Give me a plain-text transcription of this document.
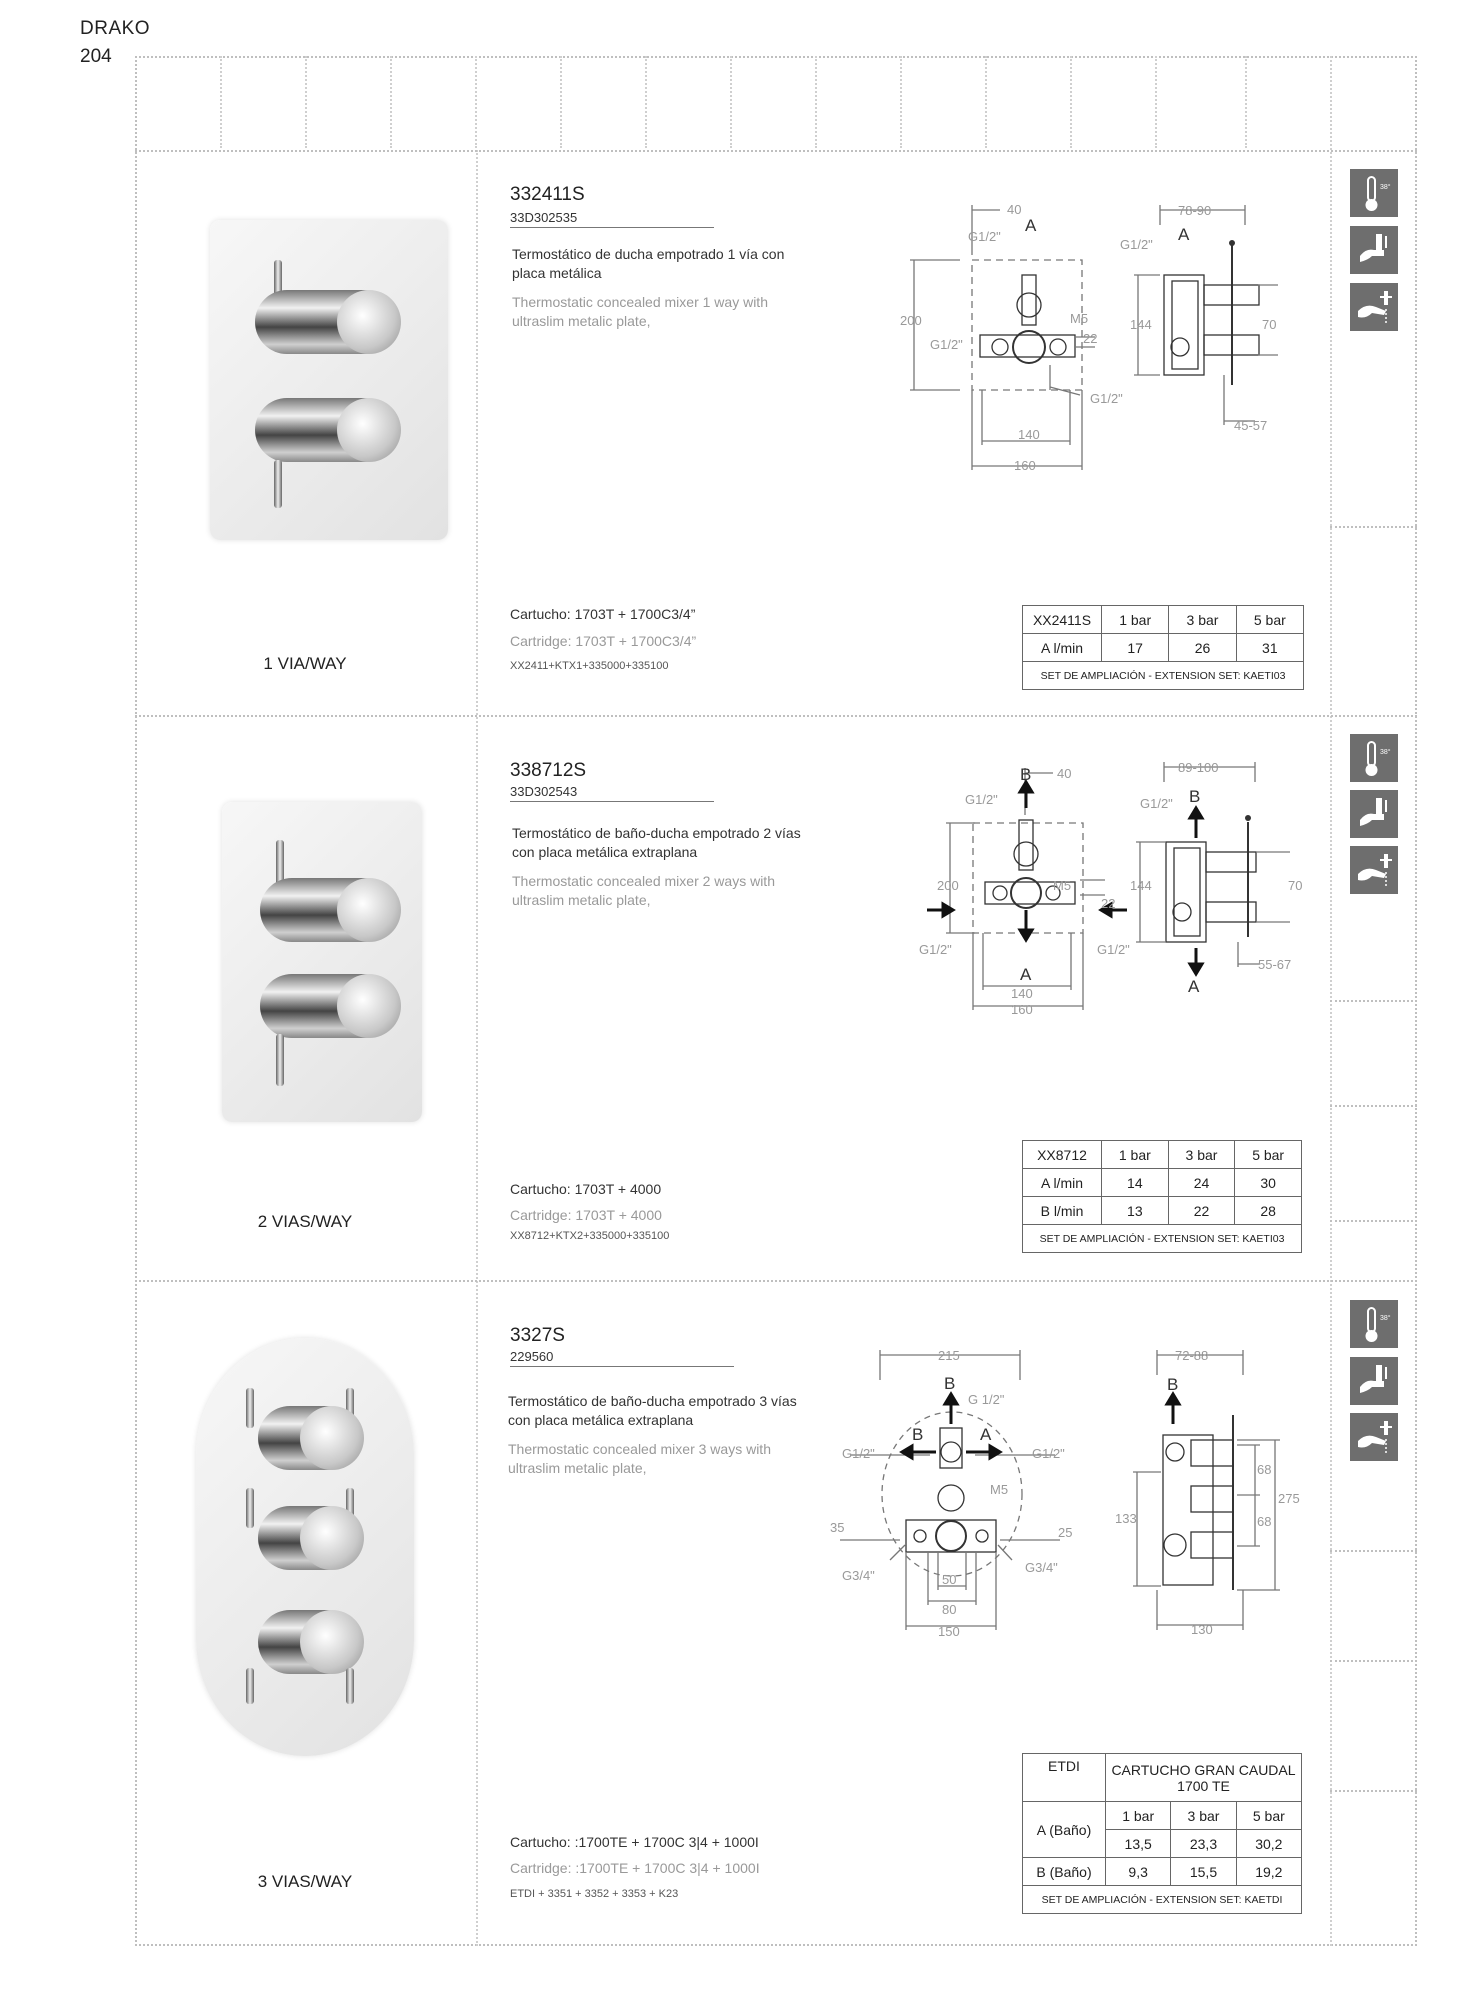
DRAKO
204
1 VIA/WAY
332411S
33D302535
Termostático de ducha empotrado 1 vía con placa metálica
Thermostatic concealed mixer 1 way with ultraslim metalic plate,
Cartucho: 1703T + 1700C3/4”
Cartridge: 1703T + 1700C3/4”
XX2411+KTX1+335000+335100
40
G1/2"
A
200	M5
G1/2"	22
G1/2"
140
160
78-90
G1/2"
A
144	70
45-57
XX2411S	1 bar	3 bar	5 bar
A l/min	17	26	31
SET DE AMPLIACIÓN - EXTENSION SET: KAETI03			
38°
2 VIAS/WAY
338712S
33D302543
Termostático de baño-ducha empotrado 2 vías con placa metálica extraplana
Thermostatic concealed mixer 2 ways with ultraslim metalic plate,
Cartucho: 1703T + 4000
Cartridge: 1703T + 4000
XX8712+KTX2+335000+335100
40
B
G1/2"
200	M5
22
G1/2"	G1/2"
A
140
160
89-100
B
G1/2"
144	70
55-67
A
XX8712	1 bar	3 bar	5 bar
A l/min	14	24	30
B l/min	13	22	28
SET DE AMPLIACIÓN - EXTENSION SET: KAETI03			
38°
3 VIAS/WAY
3327S
229560
Termostático de baño-ducha empotrado 3 vías con placa metálica extraplana
Thermostatic concealed mixer 3 ways with ultraslim metalic plate,
Cartucho: :1700TE + 1700C 3|4 + 1000I
Cartridge: :1700TE + 1700C 3|4 + 1000I
ETDI + 3351 + 3352 + 3353 + K23
215
B
G 1/2"
B	A
G1/2"	G1/2"
M5
35	25
G3/4"
G3/4"
50
80
150
72-88
B
68
275
133	68
130
ETDI	CARTUCHO GRAN CAUDAL 1700 TE		
A (Baño)	1 bar	3 bar	5 bar
	13,5	23,3	30,2
B (Baño)	9,3	15,5	19,2
SET DE AMPLIACIÓN - EXTENSION SET: KAETDI			
38°
